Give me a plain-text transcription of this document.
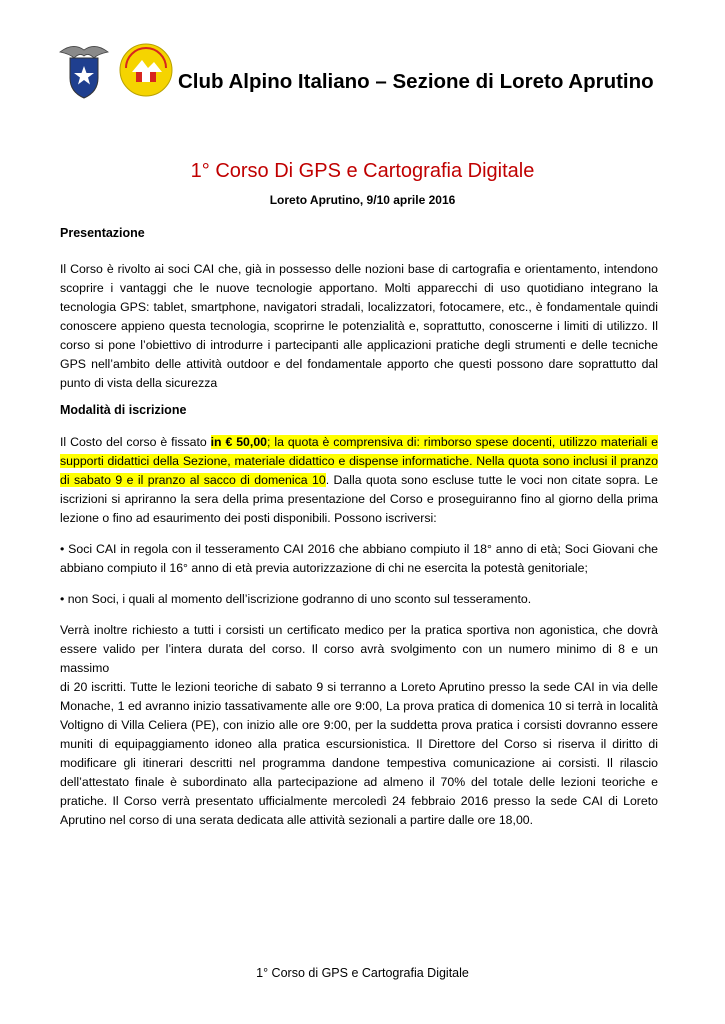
Club Alpino Italiano – Sezione di Loreto Aprutino
1° Corso Di GPS e Cartografia Digitale
Loreto Aprutino, 9/10 aprile 2016
Presentazione
Il Corso è rivolto ai soci CAI che, già in possesso delle nozioni base di cartografia e orientamento, intendono
scoprire i vantaggi che le nuove tecnologie apportano. Molti apparecchi di uso quotidiano integrano la
tecnologia GPS: tablet, smartphone, navigatori stradali, localizzatori, fotocamere, etc., è fondamentale quindi
conoscere appieno questa tecnologia, scoprirne le potenzialità e, soprattutto, conoscerne i limiti di utilizzo. Il
corso si pone l’obiettivo di introdurre i partecipanti alle applicazioni pratiche degli strumenti e delle tecniche
GPS nell’ambito delle attività outdoor e del fondamentale apporto che questi possono dare soprattutto dal
punto di vista della sicurezza
Modalità di iscrizione
Il Costo del corso è fissato in € 50,00; la quota è comprensiva di: rimborso spese docenti, utilizzo materiali e
supporti didattici della Sezione, materiale didattico e dispense informatiche. Nella quota sono inclusi il pranzo
di sabato 9 e il pranzo al sacco di domenica 10. Dalla quota sono escluse tutte le voci non citate sopra. Le
iscrizioni si apriranno la sera della prima presentazione del Corso e proseguiranno fino al giorno della prima
lezione o fino ad esaurimento dei posti disponibili. Possono iscriversi:
• Soci CAI in regola con il tesseramento CAI 2016 che abbiano compiuto il 18° anno di età; Soci Giovani che
abbiano compiuto il 16° anno di età previa autorizzazione di chi ne esercita la potestà genitoriale;
• non Soci, i quali al momento dell’iscrizione godranno di uno sconto sul tesseramento.
Verrà inoltre richiesto a tutti i corsisti un certificato medico per la pratica sportiva non agonistica, che dovrà
essere valido per l’intera durata del corso. Il corso avrà svolgimento con un numero minimo di 8 e un massimo
di 20 iscritti. Tutte le lezioni teoriche di sabato 9 si terranno a Loreto Aprutino presso la sede CAI in via delle
Monache, 1 ed avranno inizio tassativamente alle ore 9:00, La prova pratica di domenica 10 si terrà in località
Voltigno di Villa Celiera (PE), con inizio alle ore 9:00, per la suddetta prova pratica i corsisti dovranno essere
muniti di equipaggiamento idoneo alla pratica escursionistica. Il Direttore del Corso si riserva il diritto di
modificare gli itinerari descritti nel programma dandone tempestiva comunicazione ai corsisti. Il rilascio
dell’attestato finale è subordinato alla partecipazione ad almeno il 70% del totale delle lezioni teoriche e
pratiche. Il Corso verrà presentato ufficialmente mercoledì 24 febbraio 2016 presso la sede CAI di Loreto
Aprutino nel corso di una serata dedicata alle attività sezionali a partire dalle ore 18,00.
1° Corso di GPS e Cartografia Digitale
